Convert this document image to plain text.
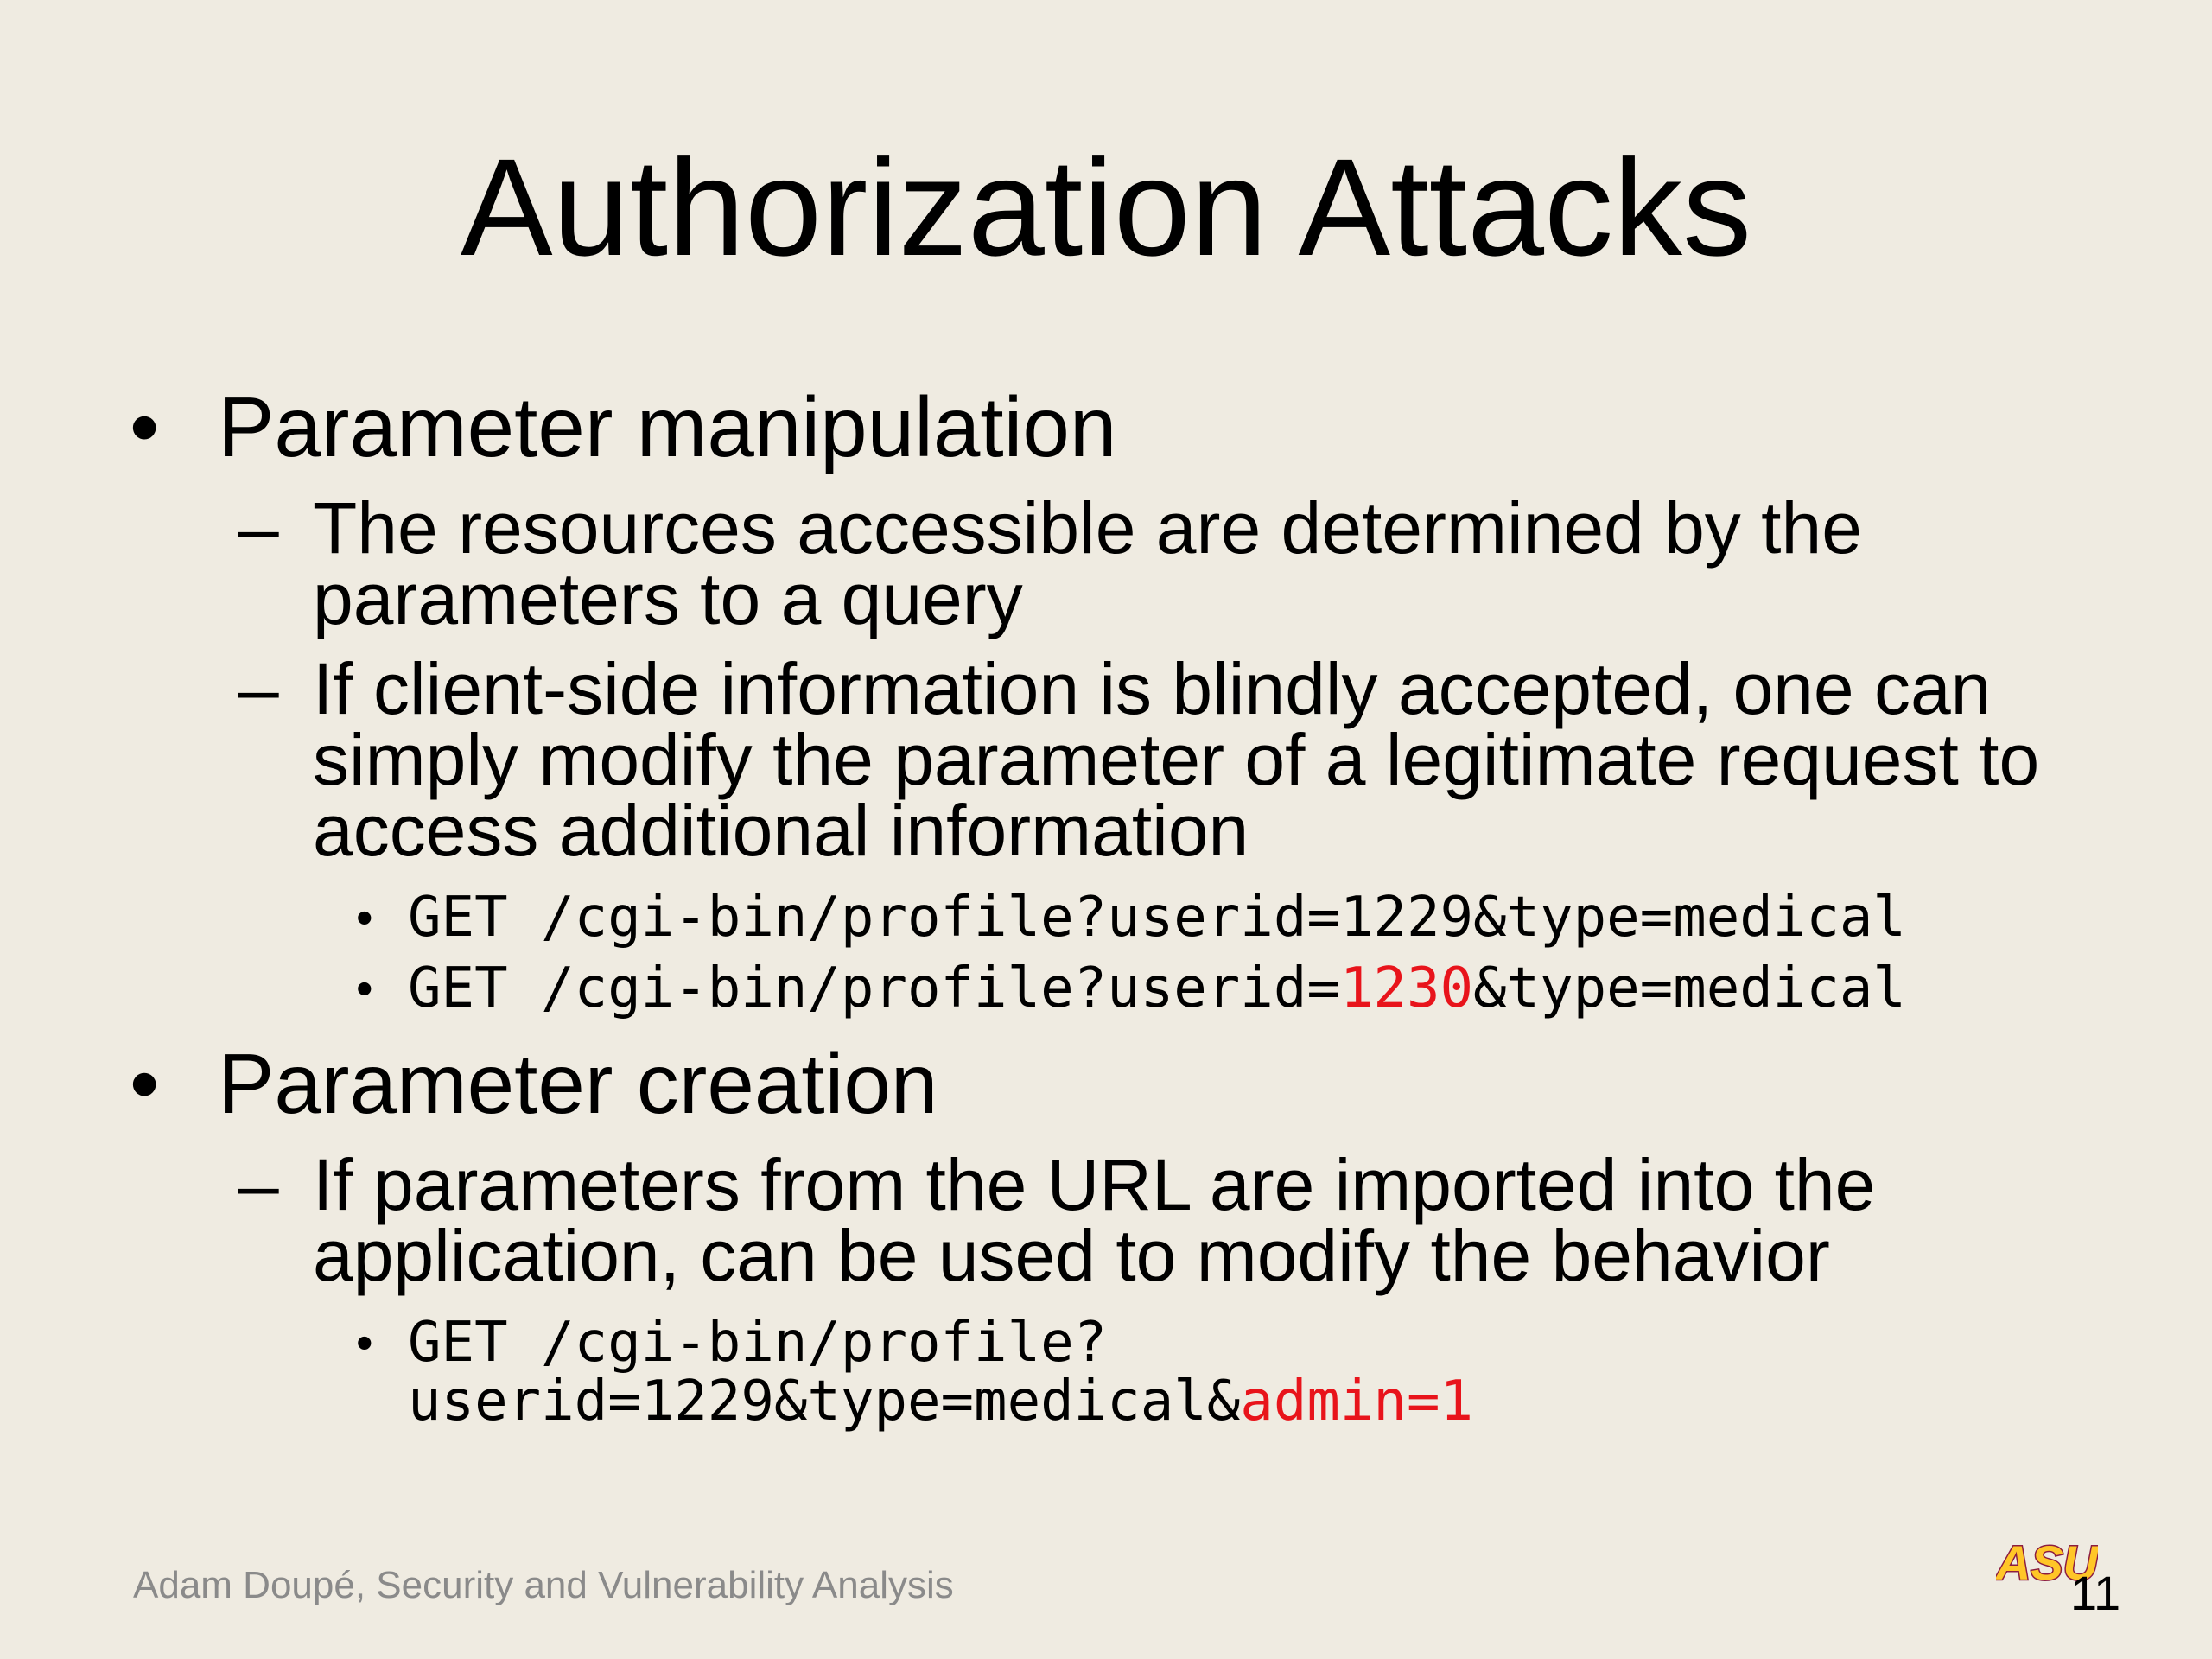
Authorization Attacks
• Parameter manipulation
– The resources accessible are determined by the parameters to a query
– If client-side information is blindly accepted, one can simply modify the parameter of a legitimate request to access additional information
• GET /cgi-bin/profile?userid=1229&type=medical
• GET /cgi-bin/profile?userid=1230&type=medical
• Parameter creation
– If parameters from the URL are imported into the application, can be used to modify the behavior
• GET /cgi-bin/profile?userid=1229&type=medical&admin=1
Adam Doupé, Security and Vulnerability Analysis	ASU
11
